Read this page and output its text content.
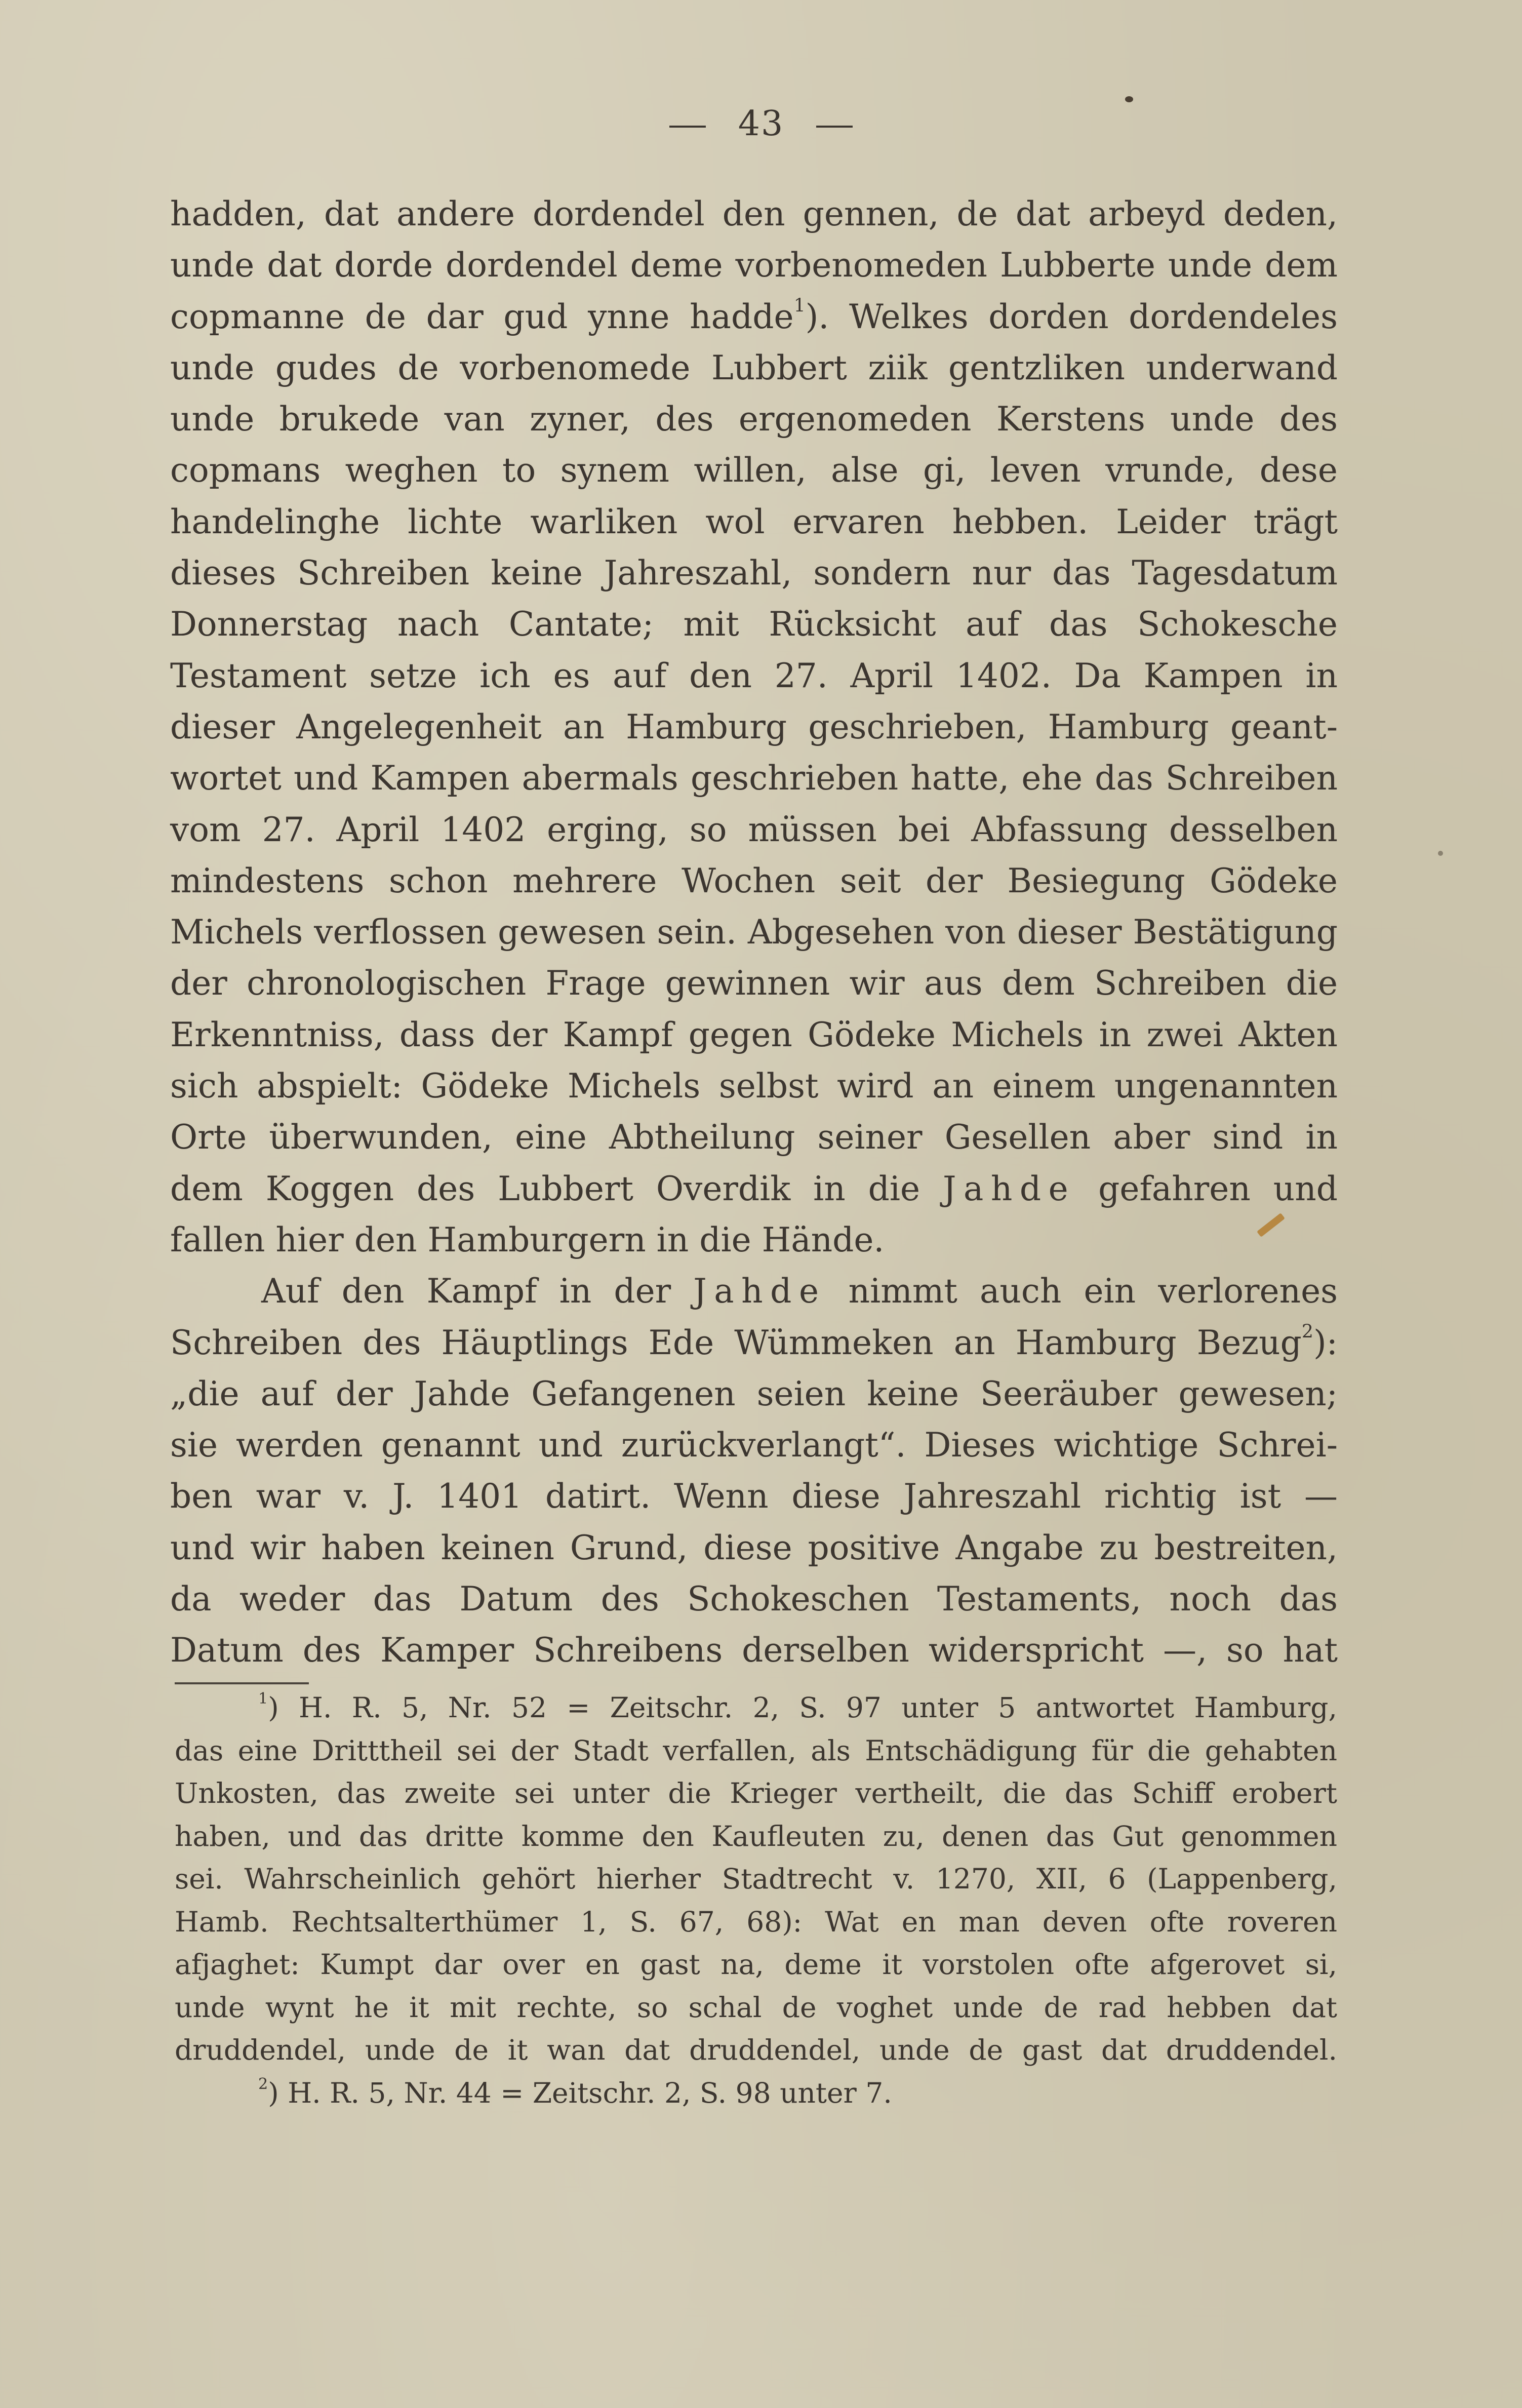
43
hadden, dat andere dordendel den gennen, de dat arbeyd deden,
unde dat dorde dordendel deme vorbenomeden Lubberte unde dem
copmanne de dar gud ynne hadde$^1$). Welkes dorden dordendeles
unde gudes de vorbenomede Lubbert ziik gentzliken underwand
unde brukede van zyner, des ergenomeden Kerstens unde des
copmans weghen to synem willen, alse gi, leven vrunde, dese
handelinghe lichte warliken wol ervaren hebben. Leider trägt
dieses Schreiben keine Jahreszahl, sondern nur das Tagesdatum
Donnerstag nach Cantate; mit Rücksicht auf das Schokesche
Testament setze ich es auf den 27. April 1402. Da Kampen in
dieser Angelegenheit an Hamburg geschrieben, Hamburg geant-
wortet und Kampen abermals geschrieben hatte, ehe das Schreiben
vom 27. April 1402 erging, so müssen bei Abfassung desselben
mindestens schon mehrere Wochen seit der Besiegung Gödeke
Michels verflossen gewesen sein. Abgesehen von dieser Bestätigung
der chronologischen Frage gewinnen wir aus dem Schreiben die
Erkenntniss, dass der Kampf gegen Gödeke Michels in zwei Akten
sich abspielt: Gödeke Michels selbst wird an einem ungenannten
Orte überwunden, eine Abtheilung seiner Gesellen aber sind in
dem Koggen des Lubbert Overdik in die Jahde gefahren und
fallen hier den Hamburgern in die Hände.
Auf den Kampf in der Jahde nimmt auch ein verlorenes
Schreiben des Häuptlings Ede Wümmeken an Hamburg Bezug$^2$):
„die auf der Jahde Gefangenen seien keine Seeräuber gewesen;
sie werden genannt und zurückverlangt“. Dieses wichtige Schrei-
ben war v. J. 1401 datirt. Wenn diese Jahreszahl richtig ist —
und wir haben keinen Grund, diese positive Angabe zu bestreiten,
da weder das Datum des Schokeschen Testaments, noch das
Datum des Kamper Schreibens derselben widerspricht —, so hat
$^1$) H. R. 5, Nr. 52 = Zeitschr. 2, S. 97 unter 5 antwortet Hamburg,
das eine Dritttheil sei der Stadt verfallen, als Entschädigung für die gehabten
Unkosten, das zweite sei unter die Krieger vertheilt, die das Schiff erobert
haben, und das dritte komme den Kaufleuten zu, denen das Gut genommen
sei. Wahrscheinlich gehört hierher Stadtrecht v. 1270, XII, 6 (Lappenberg,
Hamb. Rechtsalterthümer 1, S. 67, 68): Wat en man deven ofte roveren
afjaghet: Kumpt dar over en gast na, deme it vorstolen ofte afgerovet si,
unde wynt he it mit rechte, so schal de voghet unde de rad hebben dat
druddendel, unde de it wan dat druddendel, unde de gast dat druddendel.
$^2$) H. R. 5, Nr. 44 = Zeitschr. 2, S. 98 unter 7.
